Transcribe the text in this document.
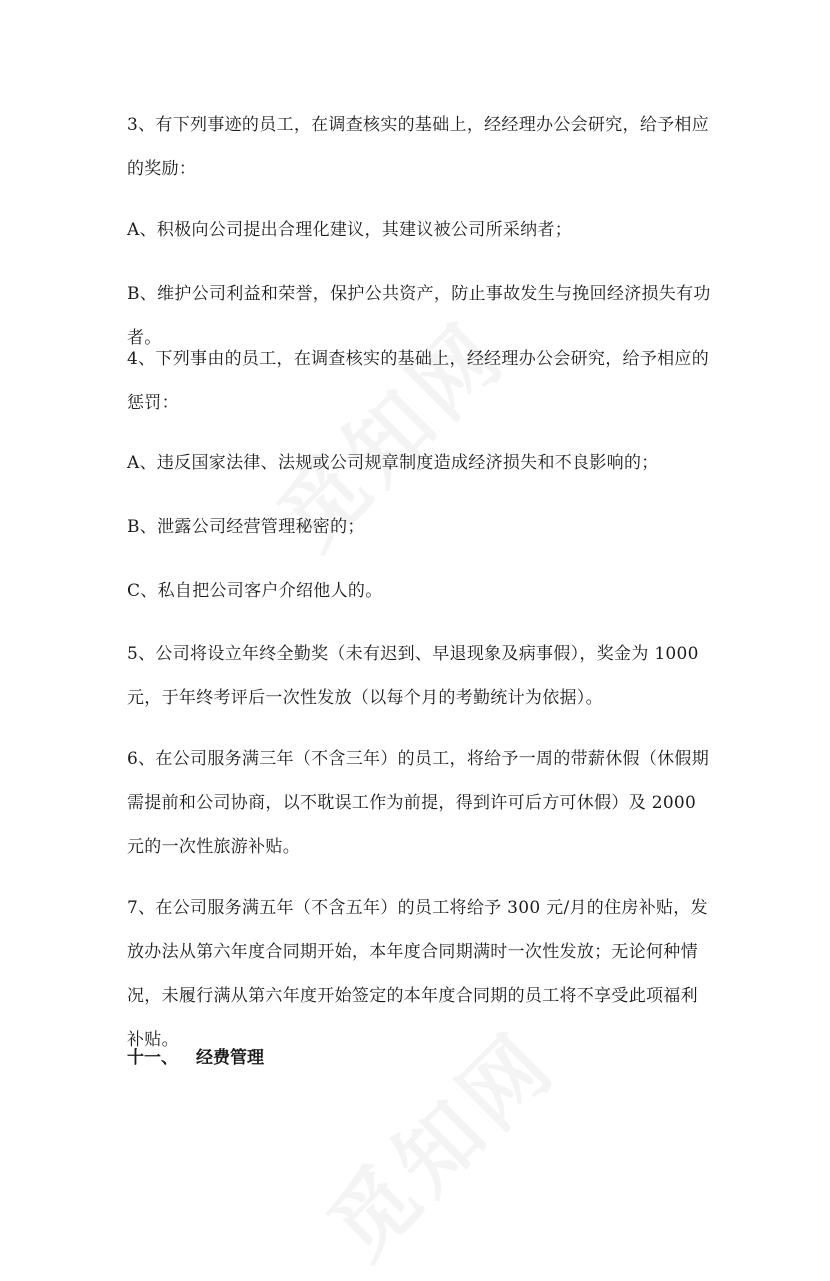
3、有下列事迹的员工，在调查核实的基础上，经经理办公会研究，给予相应的奖励：

A、积极向公司提出合理化建议，其建议被公司所采纳者；

B、维护公司利益和荣誉，保护公共资产，防止事故发生与挽回经济损失有功者。

4、下列事由的员工，在调查核实的基础上，经经理办公会研究，给予相应的惩罚：

A、违反国家法律、法规或公司规章制度造成经济损失和不良影响的；

B、泄露公司经营管理秘密的；

C、私自把公司客户介绍他人的。

5、公司将设立年终全勤奖（未有迟到、早退现象及病事假），奖金为 1000 元，于年终考评后一次性发放（以每个月的考勤统计为依据）。

6、在公司服务满三年（不含三年）的员工，将给予一周的带薪休假（休假期需提前和公司协商，以不耽误工作为前提，得到许可后方可休假）及 2000 元的一次性旅游补贴。

7、在公司服务满五年（不含五年）的员工将给予 300 元/月的住房补贴，发放办法从第六年度合同期开始，本年度合同期满时一次性发放；无论何种情况，未履行满从第六年度开始签定的本年度合同期的员工将不享受此项福利补贴。

十一、 经费管理
